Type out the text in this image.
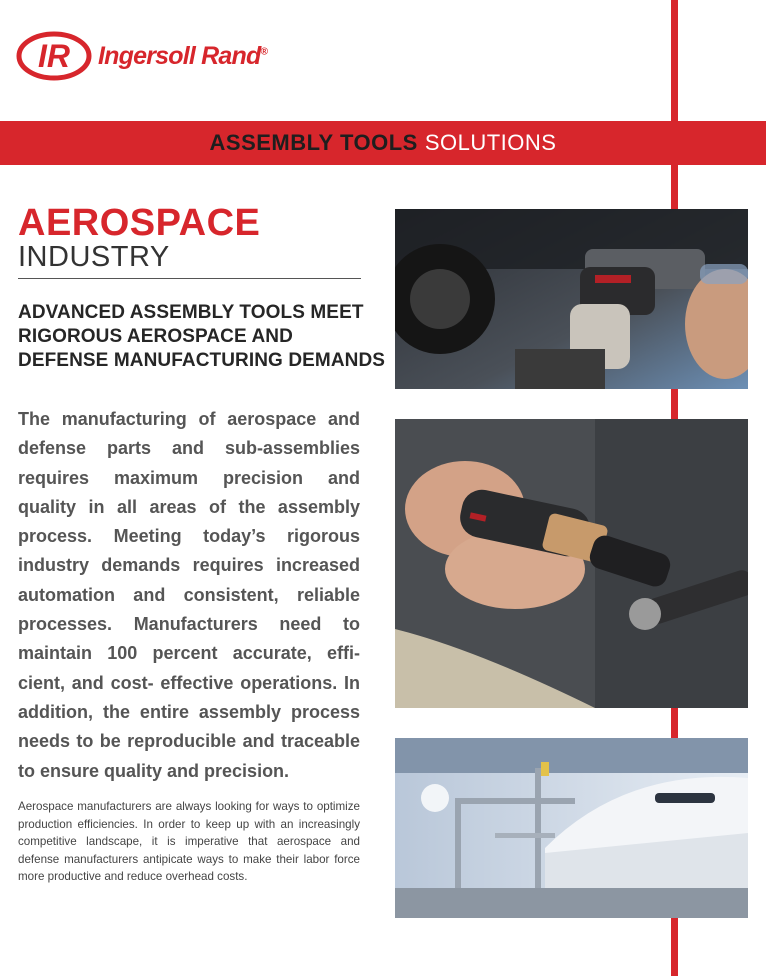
IR Ingersoll Rand®
ASSEMBLY TOOLS SOLUTIONS
AEROSPACE
INDUSTRY
ADVANCED ASSEMBLY TOOLS MEET RIGOROUS AEROSPACE AND DEFENSE MANUFACTURING DEMANDS
The manufacturing of aerospace and defense parts and sub-assemblies requires maximum precision and quality in all areas of the assembly process. Meeting today’s rigorous industry demands requires increased automation and consistent, reliable processes. Manufacturers need to maintain 100 percent accurate, effi-cient, and cost- effective operations. In addition, the entire assembly process needs to be reproducible and traceable to ensure quality and precision.
Aerospace manufacturers are always looking for ways to optimize production efficiencies. In order to keep up with an increasingly competitive landscape, it is imperative that aerospace and defense manufacturers antipicate ways to make their labor force more productive and reduce overhead costs.
